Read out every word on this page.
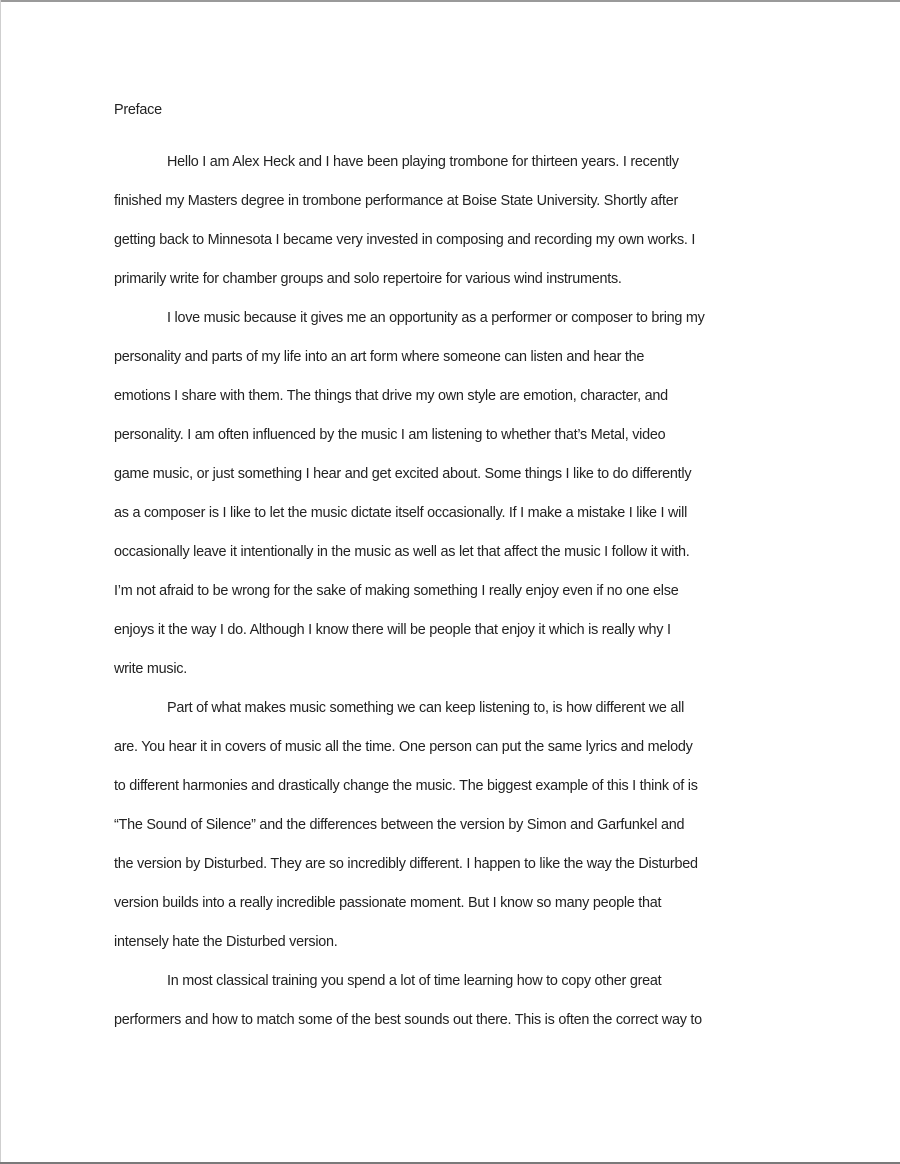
Preface
Hello I am Alex Heck and I have been playing trombone for thirteen years. I recently
finished my Masters degree in trombone performance at Boise State University. Shortly after
getting back to Minnesota I became very invested in composing and recording my own works. I
primarily write for chamber groups and solo repertoire for various wind instruments.
I love music because it gives me an opportunity as a performer or composer to bring my
personality and parts of my life into an art form where someone can listen and hear the
emotions I share with them. The things that drive my own style are emotion, character, and
personality. I am often influenced by the music I am listening to whether that’s Metal, video
game music, or just something I hear and get excited about. Some things I like to do differently
as a composer is I like to let the music dictate itself occasionally. If I make a mistake I like I will
occasionally leave it intentionally in the music as well as let that affect the music I follow it with.
I’m not afraid to be wrong for the sake of making something I really enjoy even if no one else
enjoys it the way I do. Although I know there will be people that enjoy it which is really why I
write music.
Part of what makes music something we can keep listening to, is how different we all
are. You hear it in covers of music all the time. One person can put the same lyrics and melody
to different harmonies and drastically change the music. The biggest example of this I think of is
“The Sound of Silence” and the differences between the version by Simon and Garfunkel and
the version by Disturbed. They are so incredibly different. I happen to like the way the Disturbed
version builds into a really incredible passionate moment. But I know so many people that
intensely hate the Disturbed version.
In most classical training you spend a lot of time learning how to copy other great
performers and how to match some of the best sounds out there. This is often the correct way to
